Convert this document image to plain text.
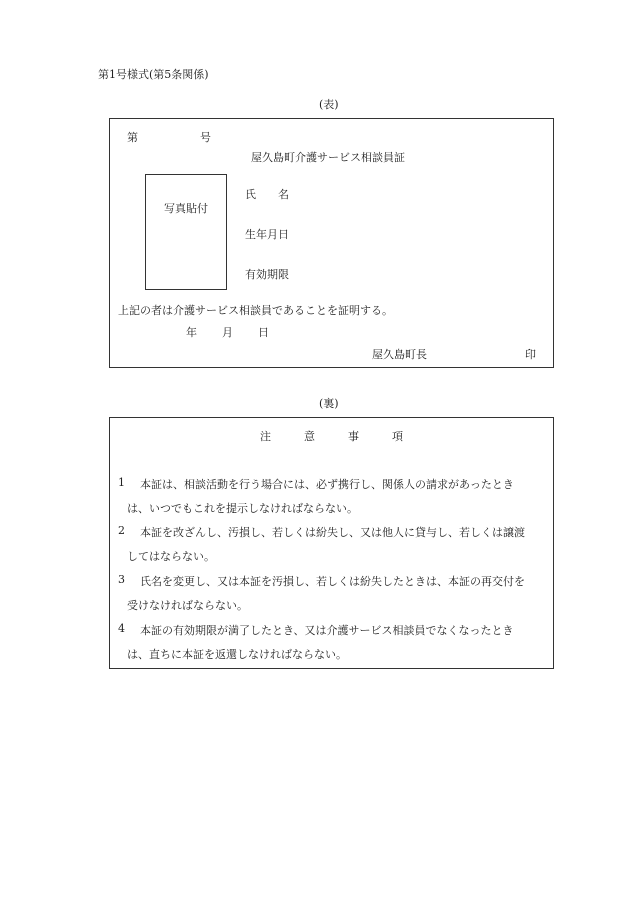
第1号様式(第5条関係)
(表)
第	号
屋久島町介護サービス相談員証
写真貼付
氏　　名
生年月日
有効期限
上記の者は介護サービス相談員であることを証明する。
年 月 日
屋久島町長	印
(裏)
注　　　意　　　事　　　項
1 本証は、相談活動を行う場合には、必ず携行し、関係人の請求があったとき
は、いつでもこれを提示しなければならない。
2 本証を改ざんし、汚損し、若しくは紛失し、又は他人に貸与し、若しくは譲渡
してはならない。
3 氏名を変更し、又は本証を汚損し、若しくは紛失したときは、本証の再交付を
受けなければならない。
4 本証の有効期限が満了したとき、又は介護サービス相談員でなくなったとき
は、直ちに本証を返還しなければならない。
